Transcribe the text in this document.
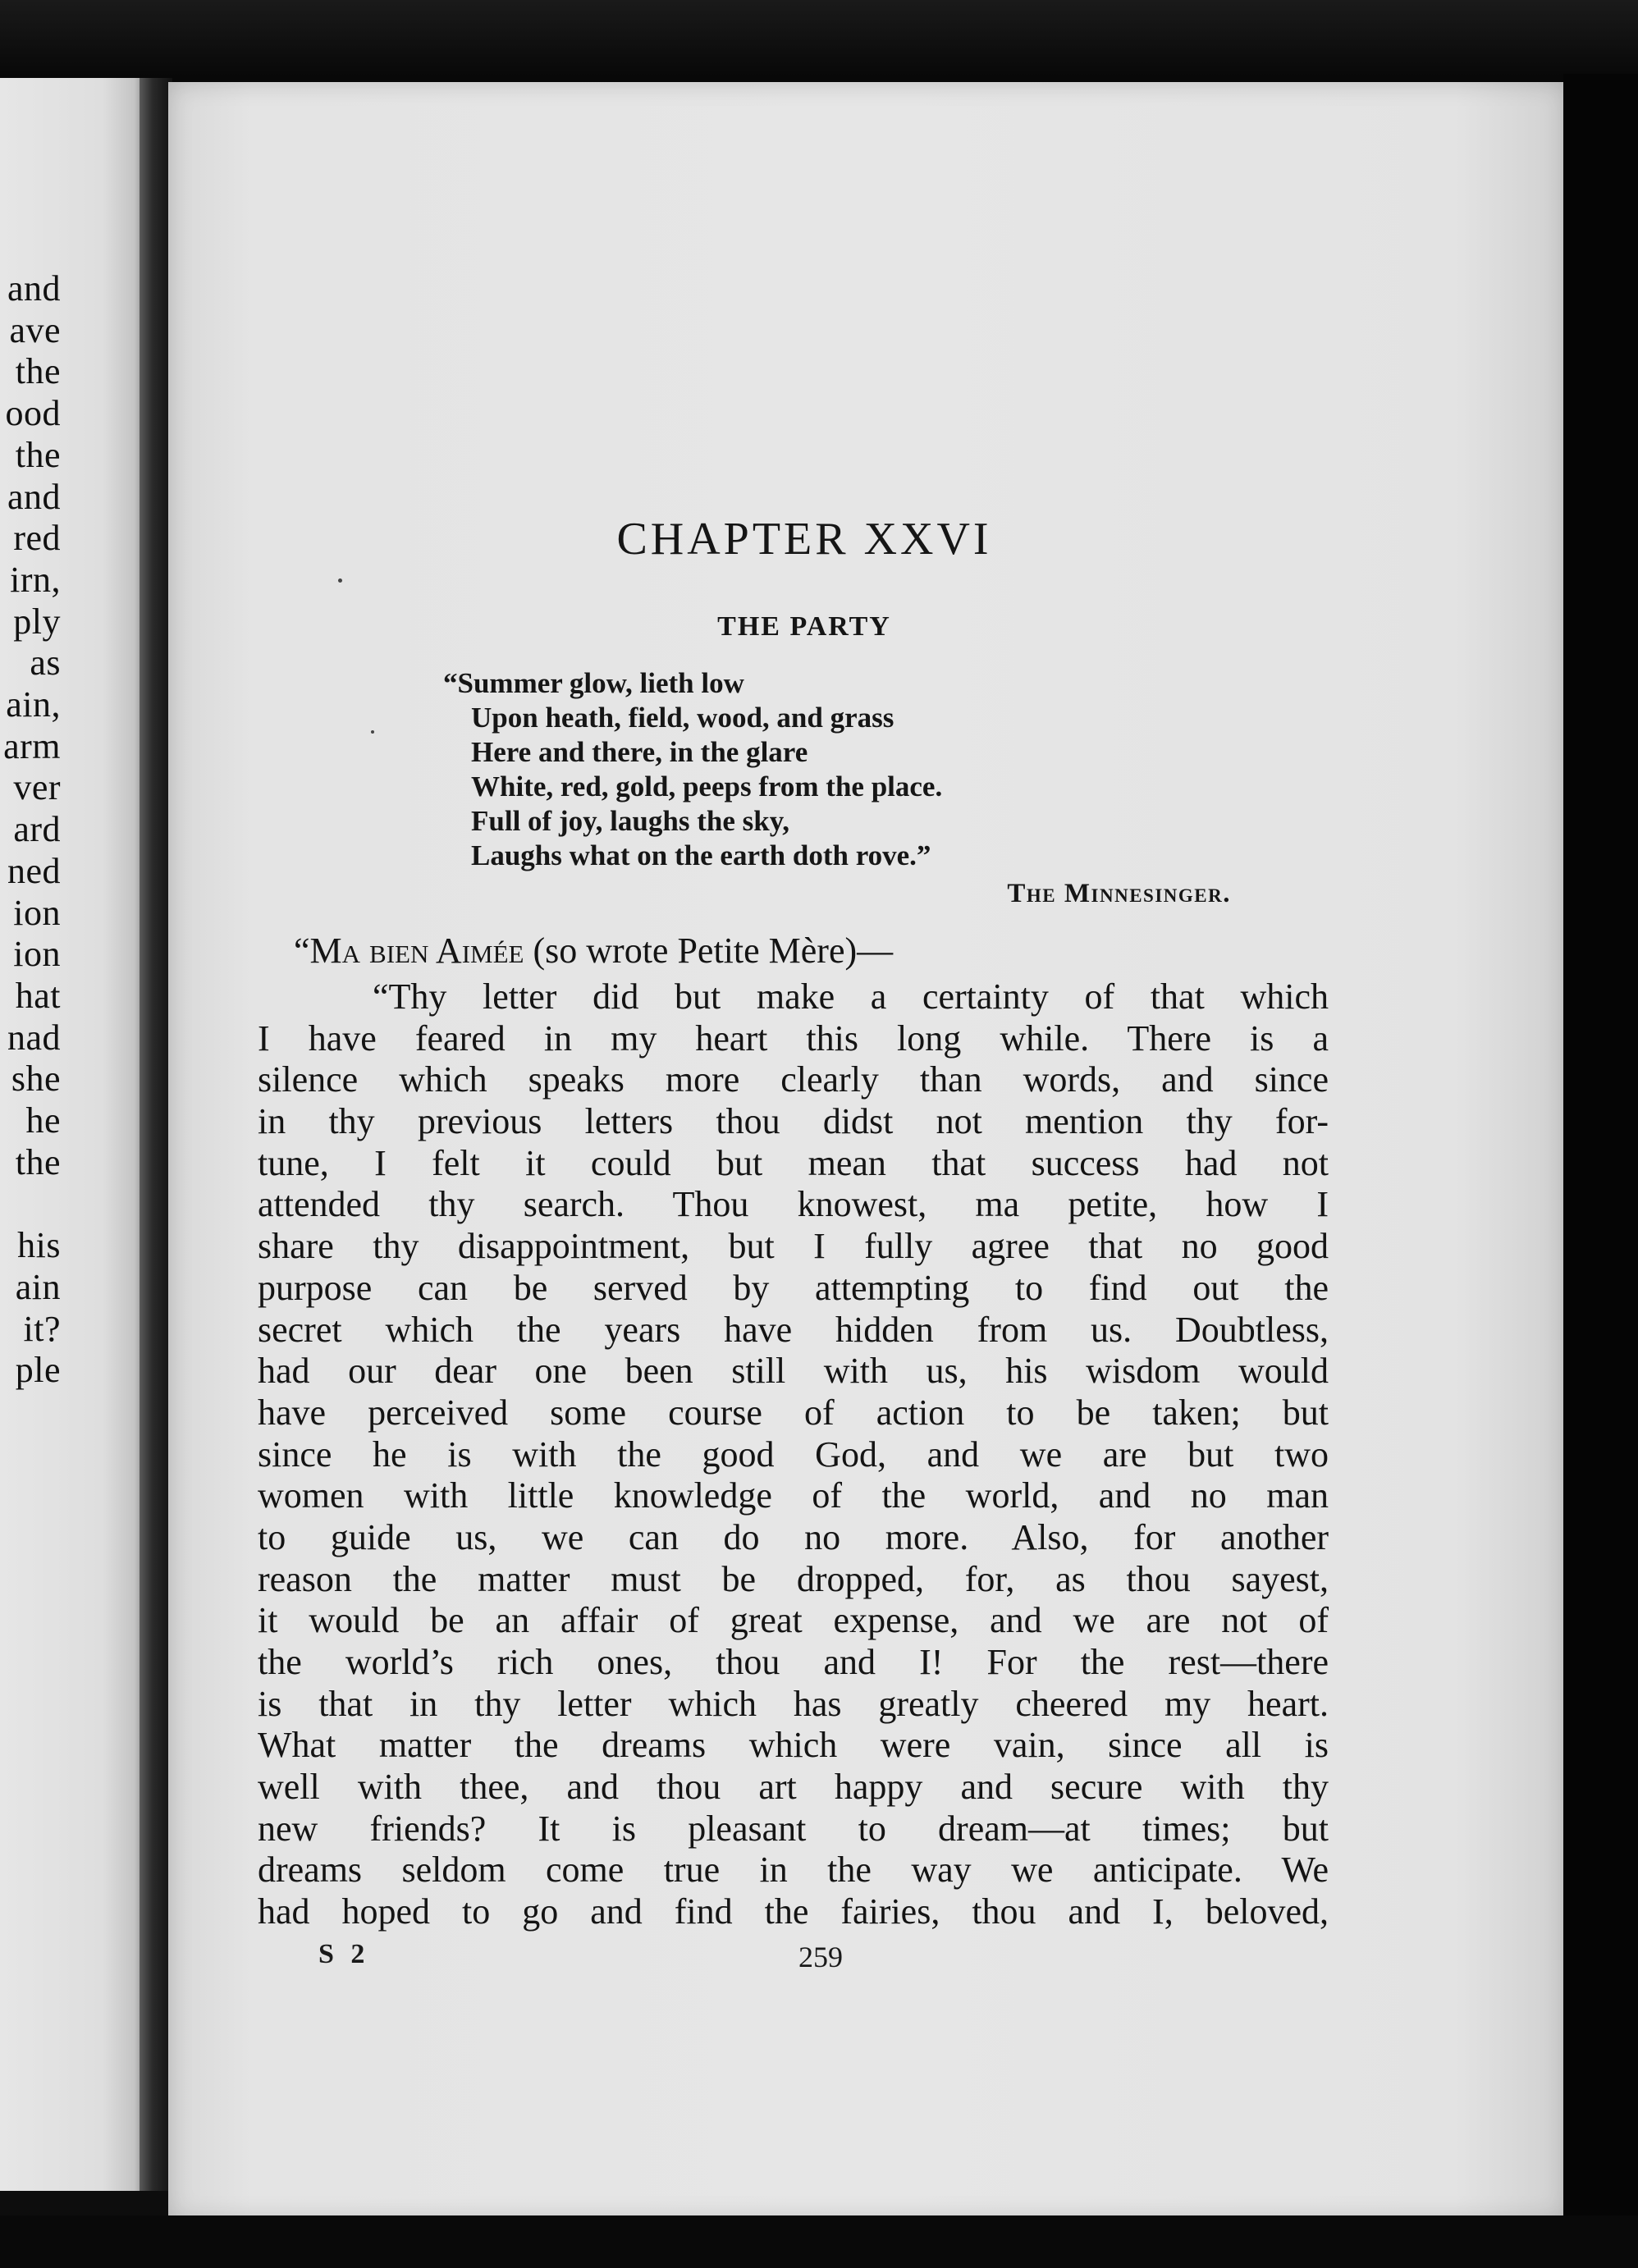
and
ave
the
ood
the
and
red
irn,
ply
as
ain,
arm
ver
ard
ned
ion
ion
hat
nad
she
he
the
his
ain
it?
ple
CHAPTER XXVI
THE PARTY
“Summer glow, lieth low
Upon heath, field, wood, and grass
Here and there, in the glare
White, red, gold, peeps from the place.
Full of joy, laughs the sky,
Laughs what on the earth doth rove.”
The Minnesinger.
“Ma bien Aimée (so wrote Petite Mère)—
“Thy letter did but make a certainty of that which
I have feared in my heart this long while. There is a
silence which speaks more clearly than words, and since
in thy previous letters thou didst not mention thy for-
tune, I felt it could but mean that success had not
attended thy search. Thou knowest, ma petite, how I
share thy disappointment, but I fully agree that no good
purpose can be served by attempting to find out the
secret which the years have hidden from us. Doubtless,
had our dear one been still with us, his wisdom would
have perceived some course of action to be taken; but
since he is with the good God, and we are but two
women with little knowledge of the world, and no man
to guide us, we can do no more. Also, for another
reason the matter must be dropped, for, as thou sayest,
it would be an affair of great expense, and we are not of
the world’s rich ones, thou and I! For the rest—there
is that in thy letter which has greatly cheered my heart.
What matter the dreams which were vain, since all is
well with thee, and thou art happy and secure with thy
new friends? It is pleasant to dream—at times; but
dreams seldom come true in the way we anticipate. We
had hoped to go and find the fairies, thou and I, beloved,
S 2	259
